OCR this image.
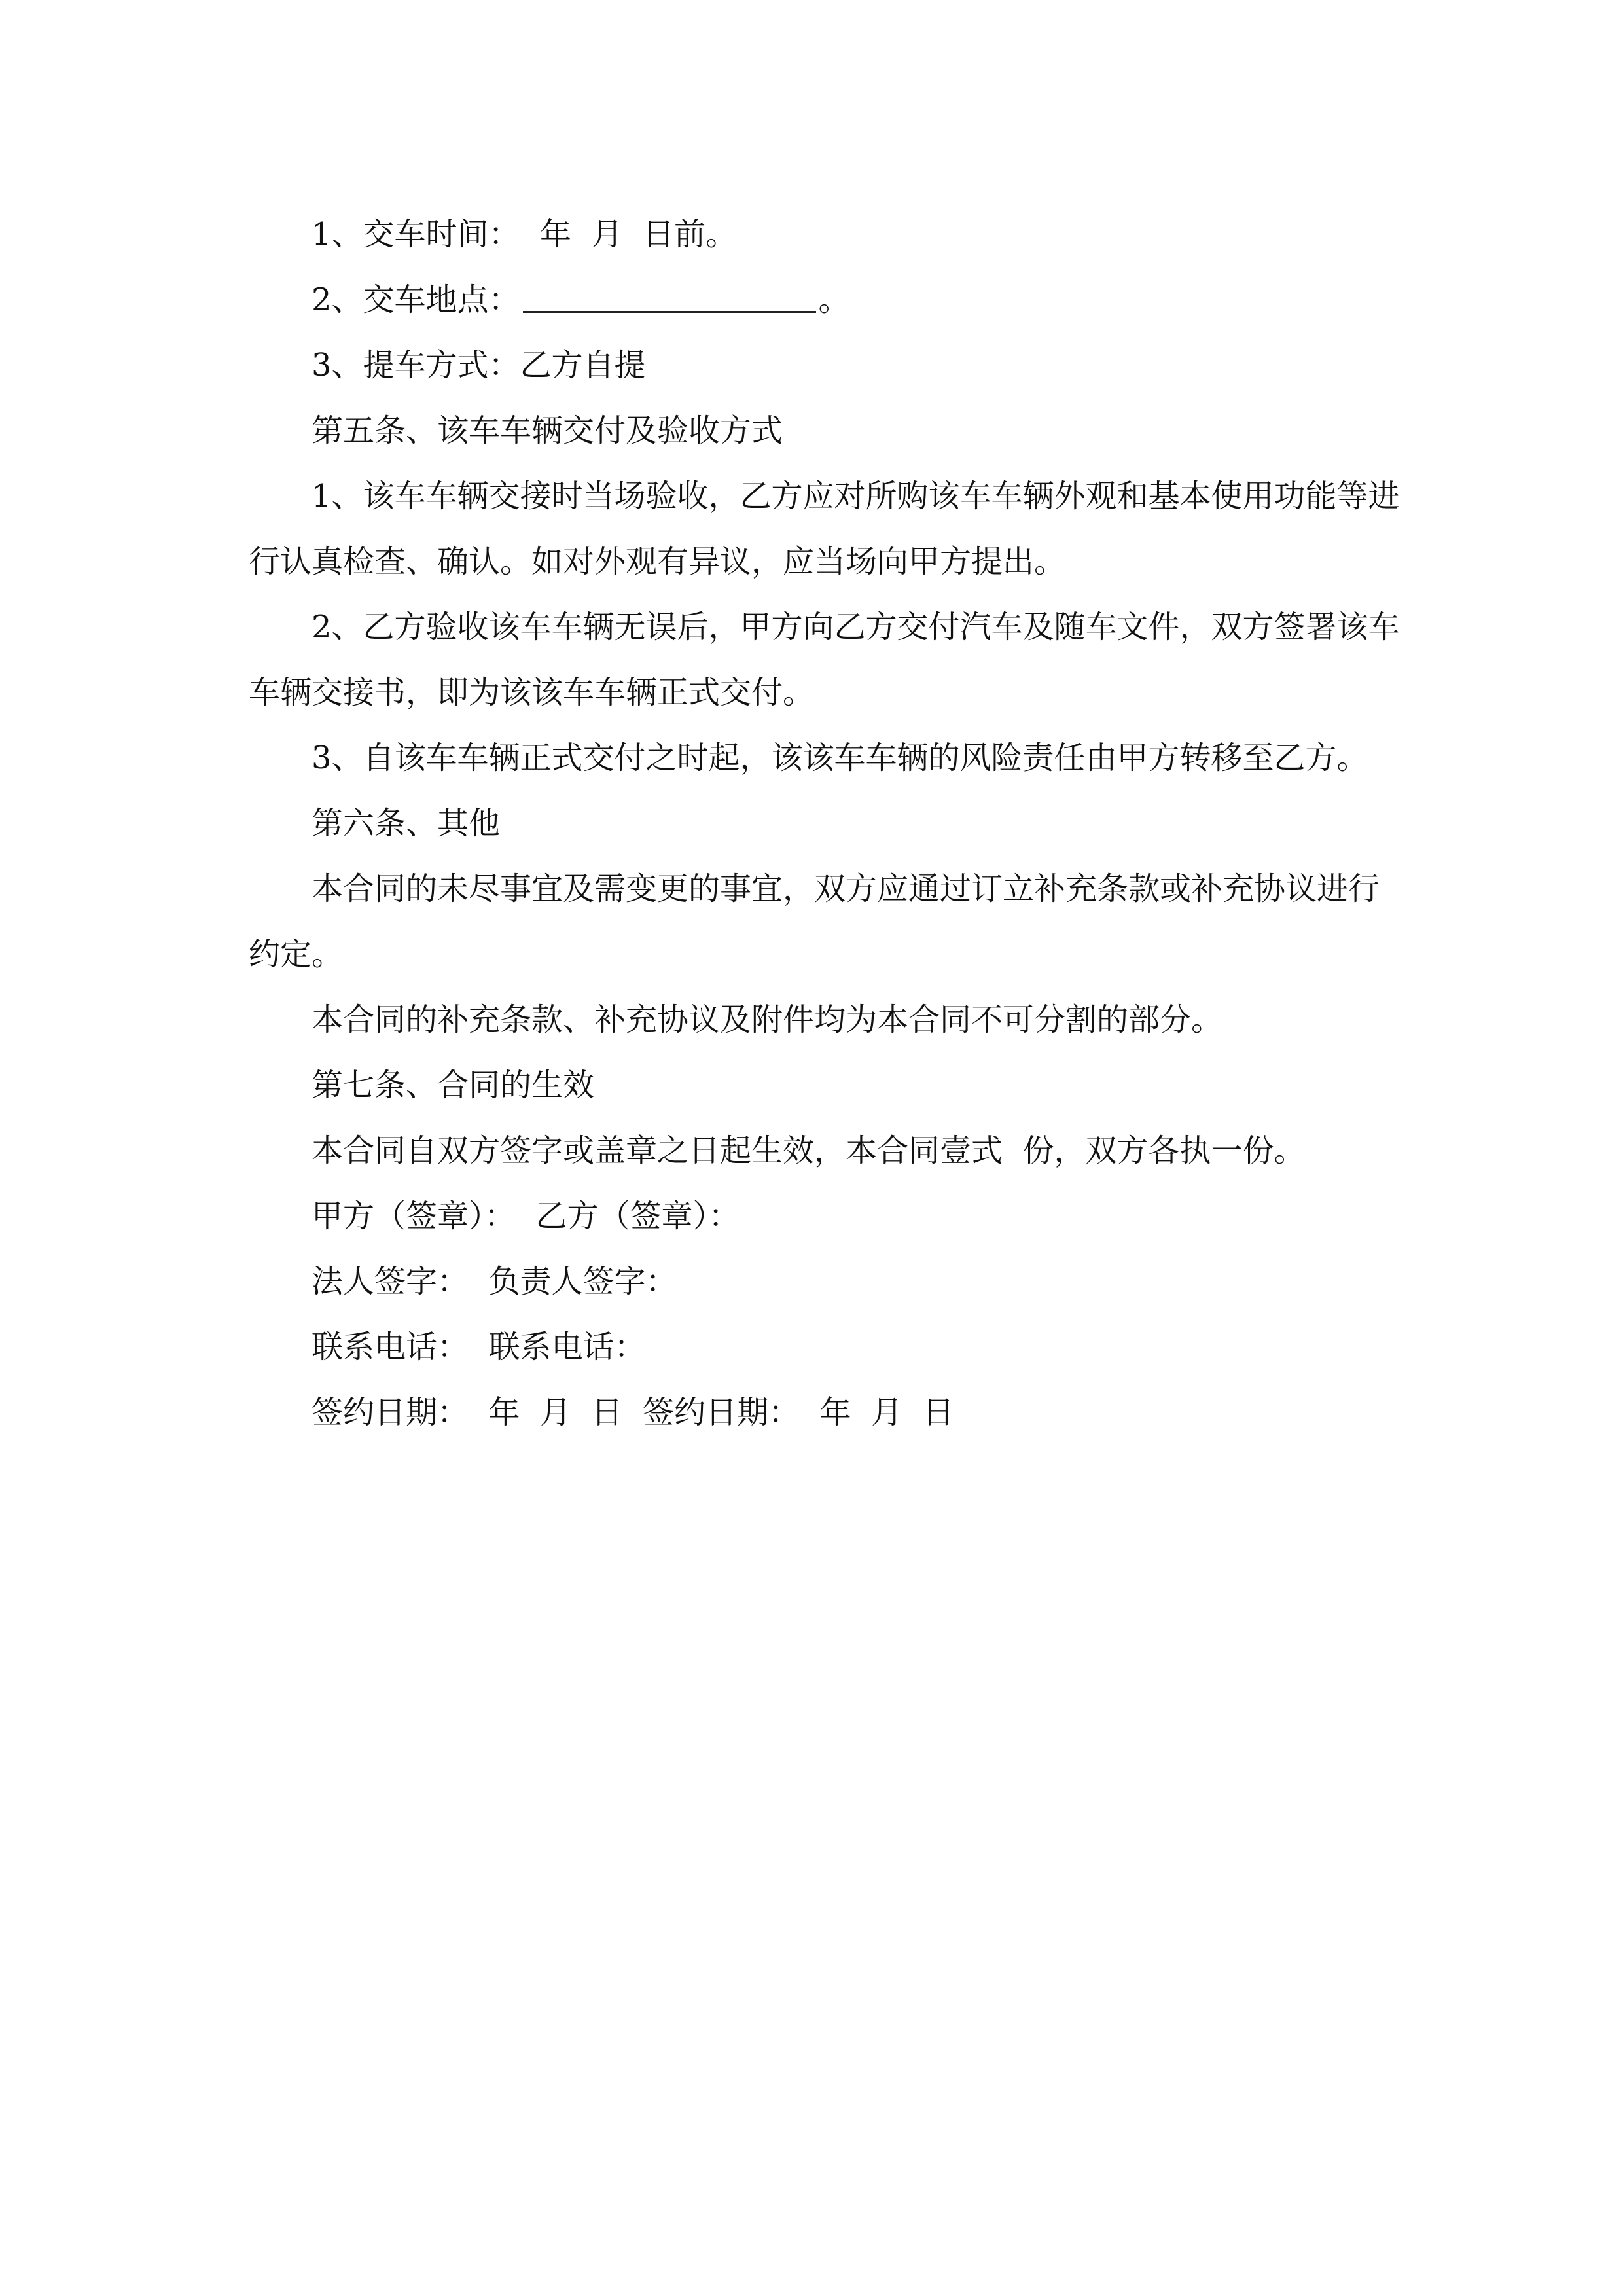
1、交车时间：  年  月  日前。

2、交车地点：	。

3、提车方式：乙方自提

第五条、该车车辆交付及验收方式

1、该车车辆交接时当场验收，乙方应对所购该车车辆外观和基本使用功能等进行认真检查、确认。如对外观有异议，应当场向甲方提出。

2、乙方验收该车车辆无误后，甲方向乙方交付汽车及随车文件，双方签署该车车辆交接书，即为该该车车辆正式交付。

3、自该车车辆正式交付之时起，该该车车辆的风险责任由甲方转移至乙方。

第六条、其他

本合同的未尽事宜及需变更的事宜，双方应通过订立补充条款或补充协议进行约定。

本合同的补充条款、补充协议及附件均为本合同不可分割的部分。

第七条、合同的生效

本合同自双方签字或盖章之日起生效，本合同壹式  份，双方各执一份。

甲方（签章）：  乙方（签章）：

法人签字：  负责人签字：

联系电话：  联系电话：

签约日期：  年  月  日  签约日期：  年  月  日
